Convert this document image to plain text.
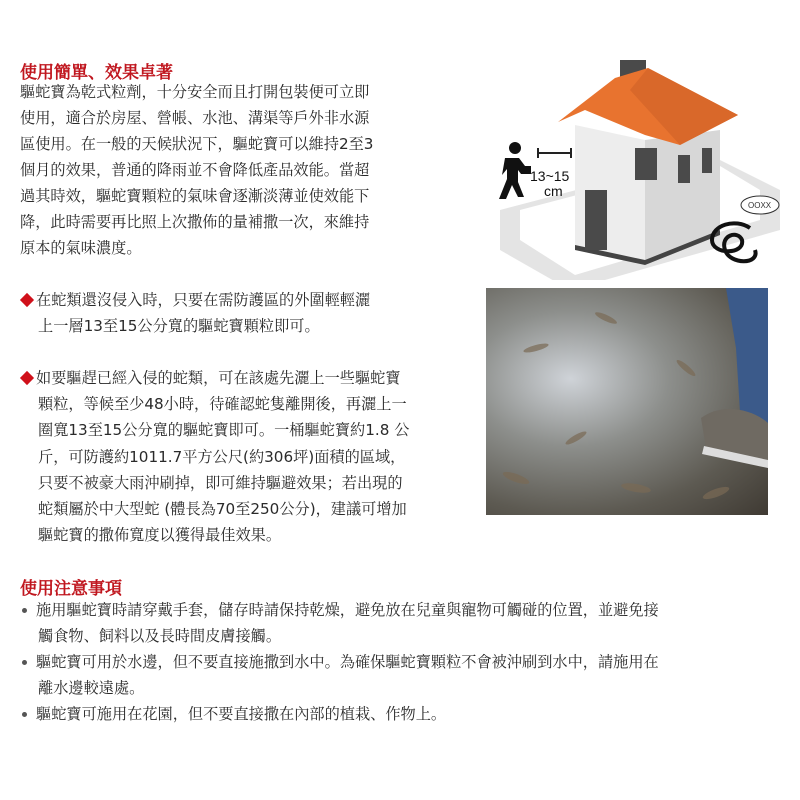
使用簡單、效果卓著
驅蛇寶為乾式粒劑，十分安全而且打開包裝便可立即
使用，適合於房屋、營帳、水池、溝渠等戶外非水源
區使用。在一般的天候狀況下，驅蛇寶可以維持2至3
個月的效果，普通的降雨並不會降低產品效能。當超
過其時效，驅蛇寶顆粒的氣味會逐漸淡薄並使效能下
降，此時需要再比照上次撒佈的量補撒一次，來維持
原本的氣味濃度。
13~15
cm
OOXX
在蛇類還沒侵入時，只要在需防護區的外圍輕輕灑
上一層13至15公分寬的驅蛇寶顆粒即可。
如要驅趕已經入侵的蛇類，可在該處先灑上一些驅蛇寶
顆粒，等候至少48小時，待確認蛇隻離開後，再灑上一
圈寬13至15公分寬的驅蛇寶即可。一桶驅蛇寶約1.8 公
斤，可防護約1011.7平方公尺(約306坪)面積的區域，
只要不被豪大雨沖刷掉，即可維持驅避效果；若出現的
蛇類屬於中大型蛇 (體長為70至250公分)，建議可增加
驅蛇寶的撒佈寬度以獲得最佳效果。
使用注意事項
施用驅蛇寶時請穿戴手套，儲存時請保持乾燥，避免放在兒童與寵物可觸碰的位置，並避免接
觸食物、飼料以及長時間皮膚接觸。
驅蛇寶可用於水邊，但不要直接施撒到水中。為確保驅蛇寶顆粒不會被沖刷到水中，請施用在
離水邊較遠處。
驅蛇寶可施用在花園，但不要直接撒在內部的植栽、作物上。
